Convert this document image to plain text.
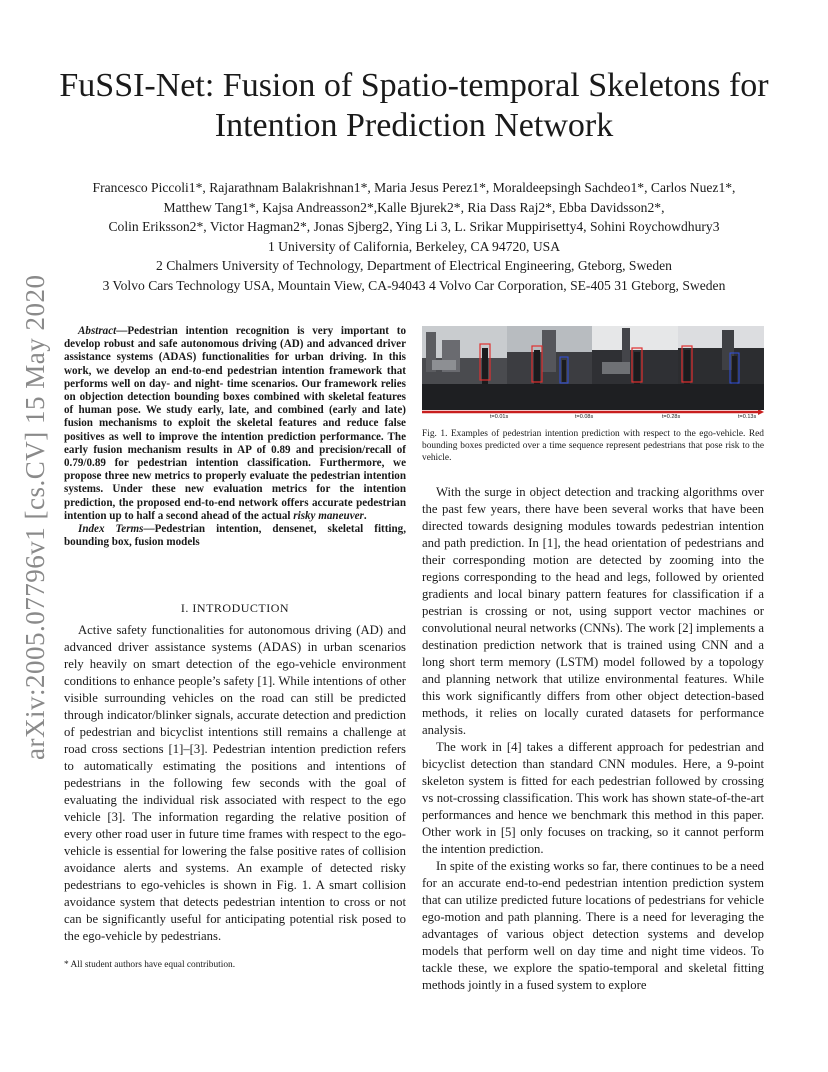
arXiv:2005.07796v1 [cs.CV] 15 May 2020
FuSSI-Net: Fusion of Spatio-temporal Skeletons for
Intention Prediction Network
Francesco Piccoli1*, Rajarathnam Balakrishnan1*, Maria Jesus Perez1*, Moraldeepsingh Sachdeo1*, Carlos Nuez1*,
Matthew Tang1*, Kajsa Andreasson2*,Kalle Bjurek2*, Ria Dass Raj2*, Ebba Davidsson2*,
Colin Eriksson2*, Victor Hagman2*, Jonas Sjberg2, Ying Li 3, L. Srikar Muppirisetty4, Sohini Roychowdhury3
1 University of California, Berkeley, CA 94720, USA
2 Chalmers University of Technology, Department of Electrical Engineering, Gteborg, Sweden
3 Volvo Cars Technology USA, Mountain View, CA-94043 4 Volvo Car Corporation, SE-405 31 Gteborg, Sweden

Abstract—Pedestrian intention recognition is very important to develop robust and safe autonomous driving (AD) and advanced driver assistance systems (ADAS) functionalities for urban driving. In this work, we develop an end-to-end pedestrian intention framework that performs well on day- and night- time scenarios. Our framework relies on objection detection bounding boxes combined with skeletal features of human pose. We study early, late, and combined (early and late) fusion mechanisms to exploit the skeletal features and reduce false positives as well to improve the intention prediction performance. The early fusion mechanism results in AP of 0.89 and precision/recall of 0.79/0.89 for pedestrian intention classification. Furthermore, we propose three new metrics to properly evaluate the pedestrian intention systems. Under these new evaluation metrics for the intention prediction, the proposed end-to-end network offers accurate pedestrian intention up to half a second ahead of the actual risky maneuver.

Index Terms—Pedestrian intention, densenet, skeletal fitting, bounding box, fusion models

I. INTRODUCTION

Active safety functionalities for autonomous driving (AD) and advanced driver assistance systems (ADAS) in urban scenarios rely heavily on smart detection of the ego-vehicle environment conditions to enhance people’s safety [1]. While intentions of other visible surrounding vehicles on the road can still be predicted through indicator/blinker signals, accurate detection and prediction of pedestrian and bicyclist intentions still remains a challenge at road cross sections [1]–[3]. Pedestrian intention prediction refers to automatically estimating the positions and intentions of pedestrians in the following few seconds with the goal of evaluating the individual risk associated with respect to the ego vehicle [3]. The information regarding the relative position of every other road user in future time frames with respect to the ego-vehicle is essential for lowering the false positive rates of collision avoidance alerts and systems. An example of detected risky pedestrians to ego-vehicles is shown in Fig. 1. A smart collision avoidance system that detects pedestrian intention to cross or not can be significantly useful for anticipating potential risk posed to the ego-vehicle by pedestrians.

* All student authors have equal contribution.
t=0.01s	t=0.08s	t=0.28s	t=0.13s
Fig. 1. Examples of pedestrian intention prediction with respect to the ego-vehicle. Red bounding boxes predicted over a time sequence represent pedestrians that pose risk to the vehicle.

With the surge in object detection and tracking algorithms over the past few years, there have been several works that have been directed towards designing modules towards pedestrian intention and path prediction. In [1], the head orientation of pedestrians and their corresponding motion are detected by zooming into the regions corresponding to the head and legs, followed by oriented gradients and local binary pattern features for classification if a pestrian is crossing or not, using support vector machines or convolutional neural networks (CNNs). The work [2] implements a destination prediction network that is trained using CNN and a long short term memory (LSTM) model followed by a topology and planning network that utilize environmental features. While this work significantly differs from other object detection-based methods, it relies on locally curated datasets for performance analysis.

The work in [4] takes a different approach for pedestrian and bicyclist detection than standard CNN modules. Here, a 9-point skeleton system is fitted for each pedestrian followed by crossing vs not-crossing classification. This work has shown state-of-the-art performances and hence we benchmark this method in this paper. Other work in [5] only focuses on tracking, so it cannot perform the intention prediction.

In spite of the existing works so far, there continues to be a need for an accurate end-to-end pedestrian intention prediction system that can utilize predicted future locations of pedestrians for vehicle ego-motion and path planning. There is a need for leveraging the advantages of various object detection systems and develop models that perform well on day time and night time videos. To tackle these, we explore the spatio-temporal and skeletal fitting methods jointly in a fused system to explore
